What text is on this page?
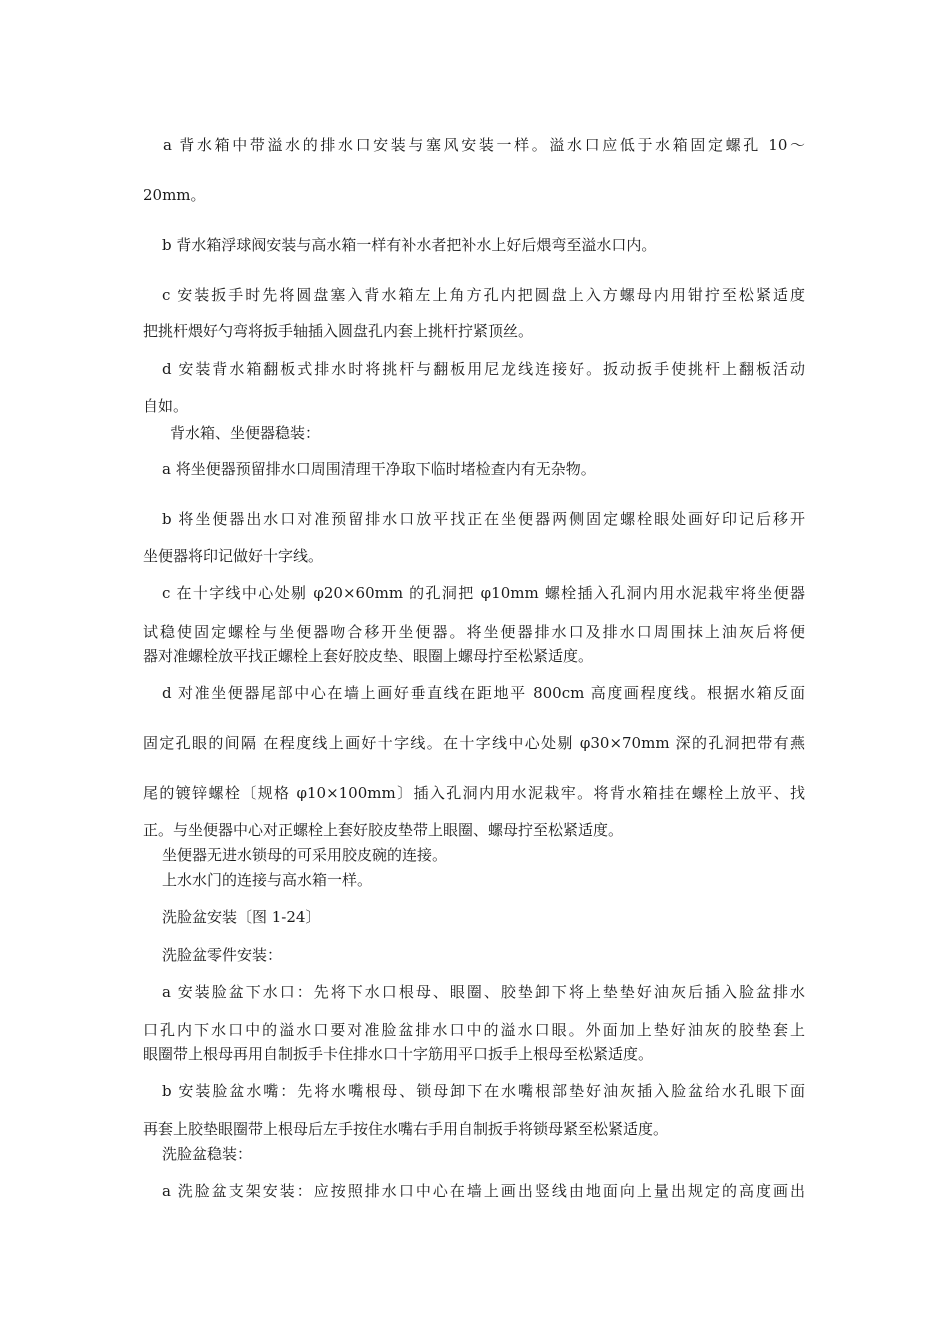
a 背水箱中带溢水的排水口安装与塞风安装一样。溢水口应低于水箱固定螺孔 10～
20mm。
b 背水箱浮球阀安装与高水箱一样有补水者把补水上好后煨弯至溢水口内。
c 安装扳手时先将圆盘塞入背水箱左上角方孔内把圆盘上入方螺母内用钳拧至松紧适度
把挑杆煨好勺弯将扳手轴插入圆盘孔内套上挑杆拧紧顶丝。
d 安装背水箱翻板式排水时将挑杆与翻板用尼龙线连接好。扳动扳手使挑杆上翻板活动
自如。
背水箱、坐便器稳装：
a 将坐便器预留排水口周围清理干净取下临时堵检查内有无杂物。
b 将坐便器出水口对准预留排水口放平找正在坐便器两侧固定螺栓眼处画好印记后移开
坐便器将印记做好十字线。
c 在十字线中心处剔 φ20×60mm 的孔洞把 φ10mm 螺栓插入孔洞内用水泥栽牢将坐便器
试稳使固定螺栓与坐便器吻合移开坐便器。将坐便器排水口及排水口周围抹上油灰后将便
器对准螺栓放平找正螺栓上套好胶皮垫、眼圈上螺母拧至松紧适度。
d 对准坐便器尾部中心在墙上画好垂直线在距地平 800cm 高度画程度线。根据水箱反面
固定孔眼的间隔 在程度线上画好十字线。在十字线中心处剔 φ30×70mm 深的孔洞把带有燕
尾的镀锌螺栓〔规格 φ10×100mm〕插入孔洞内用水泥栽牢。将背水箱挂在螺栓上放平、找
正。与坐便器中心对正螺栓上套好胶皮垫带上眼圈、螺母拧至松紧适度。
坐便器无进水锁母的可采用胶皮碗的连接。
上水水门的连接与高水箱一样。
洗脸盆安装〔图 1-24〕
洗脸盆零件安装：
a 安装脸盆下水口：先将下水口根母、眼圈、胶垫卸下将上垫垫好油灰后插入脸盆排水
口孔内下水口中的溢水口要对准脸盆排水口中的溢水口眼。外面加上垫好油灰的胶垫套上
眼圈带上根母再用自制扳手卡住排水口十字筋用平口扳手上根母至松紧适度。
b 安装脸盆水嘴：先将水嘴根母、锁母卸下在水嘴根部垫好油灰插入脸盆给水孔眼下面
再套上胶垫眼圈带上根母后左手按住水嘴右手用自制扳手将锁母紧至松紧适度。
洗脸盆稳装：
a 洗脸盆支架安装：应按照排水口中心在墙上画出竖线由地面向上量出规定的高度画出
